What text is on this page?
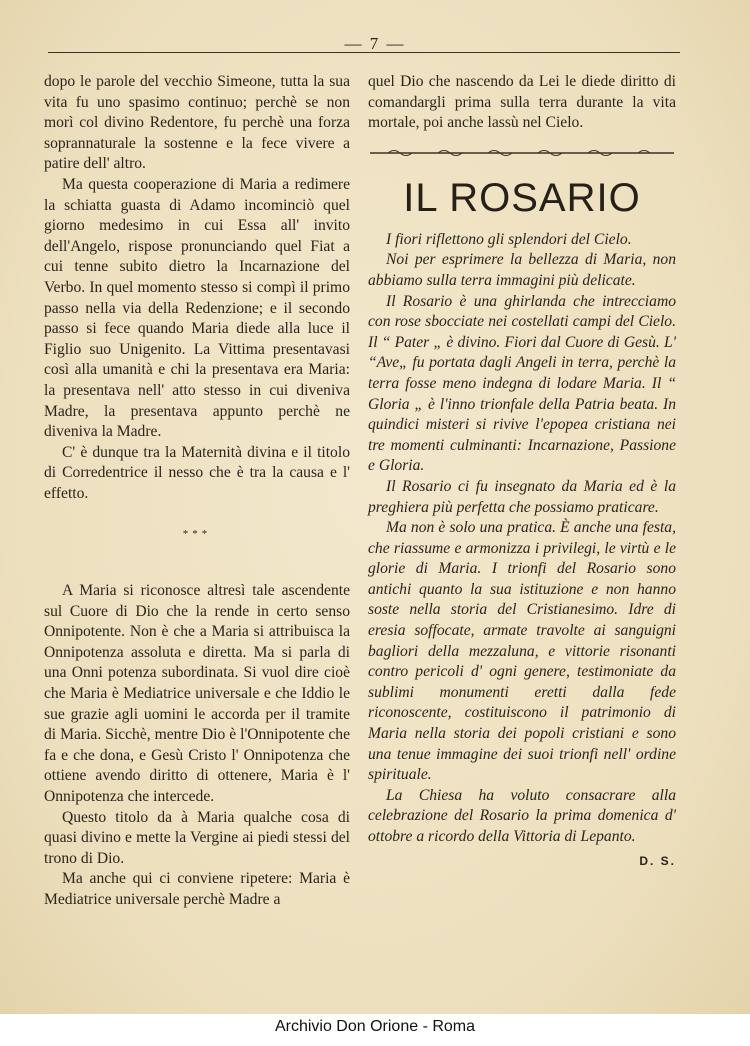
— 7 —

dopo le parole del vecchio Simeone, tutta la sua vita fu uno spasimo continuo; perchè se non morì col divino Redentore, fu perchè una forza soprannaturale la sostenne e la fece vivere a patire dell' altro.

Ma questa cooperazione di Maria a redimere la schiatta guasta di Adamo incominciò quel giorno medesimo in cui Essa all' invito dell'Angelo, rispose pronunciando quel Fiat a cui tenne subito dietro la Incarnazione del Verbo. In quel momento stesso si compì il primo passo nella via della Redenzione; e il secondo passo si fece quando Maria diede alla luce il Figlio suo Unigenito. La Vittima presentavasi così alla umanità e chi la presentava era Maria: la presentava nell' atto stesso in cui diveniva Madre, la presentava appunto perchè ne diveniva la Madre.

C' è dunque tra la Maternità divina e il titolo di Corredentrice il nesso che è tra la causa e l' effetto.

***

A Maria si riconosce altresì tale ascendente sul Cuore di Dio che la rende in certo senso Onnipotente. Non è che a Maria si attribuisca la Onnipotenza assoluta e diretta. Ma si parla di una Onni potenza subordinata. Si vuol dire cioè che Maria è Mediatrice universale e che Iddio le sue grazie agli uomini le accorda per il tramite di Maria. Sicchè, mentre Dio è l'Onnipotente che fa e che dona, e Gesù Cristo l' Onnipotenza che ottiene avendo diritto di ottenere, Maria è l' Onnipotenza che intercede.

Questo titolo da à Maria qualche cosa di quasi divino e mette la Vergine ai piedi stessi del trono di Dio.

Ma anche qui ci conviene ripetere: Maria è Mediatrice universale perchè Madre a

quel Dio che nascendo da Lei le diede diritto di comandargli prima sulla terra durante la vita mortale, poi anche lassù nel Cielo.

IL ROSARIO

I fiori riflettono gli splendori del Cielo.

Noi per esprimere la bellezza di Maria, non abbiamo sulla terra immagini più delicate.

Il Rosario è una ghirlanda che intrecciamo con rose sbocciate nei costellati campi del Cielo. Il “ Pater „ è divino. Fiori dal Cuore di Gesù. L' “Ave„ fu portata dagli Angeli in terra, perchè la terra fosse meno indegna di lodare Maria. Il “ Gloria „ è l'inno trionfale della Patria beata. In quindici misteri si rivive l'epopea cristiana nei tre momenti culminanti: Incarnazione, Passione e Gloria.

Il Rosario ci fu insegnato da Maria ed è la preghiera più perfetta che possiamo praticare.

Ma non è solo una pratica. È anche una festa, che riassume e armonizza i privilegi, le virtù e le glorie di Maria. I trionfi del Rosario sono antichi quanto la sua istituzione e non hanno soste nella storia del Cristianesimo. Idre di eresia soffocate, armate travolte ai sanguigni bagliori della mezzaluna, e vittorie risonanti contro pericoli d' ogni genere, testimoniate da sublimi monumenti eretti dalla fede riconoscente, costituiscono il patrimonio di Maria nella storia dei popoli cristiani e sono una tenue immagine dei suoi trionfi nell' ordine spirituale.

La Chiesa ha voluto consacrare alla celebrazione del Rosario la prima domenica d' ottobre a ricordo della Vittoria di Lepanto.
D. S.

Archivio Don Orione - Roma
